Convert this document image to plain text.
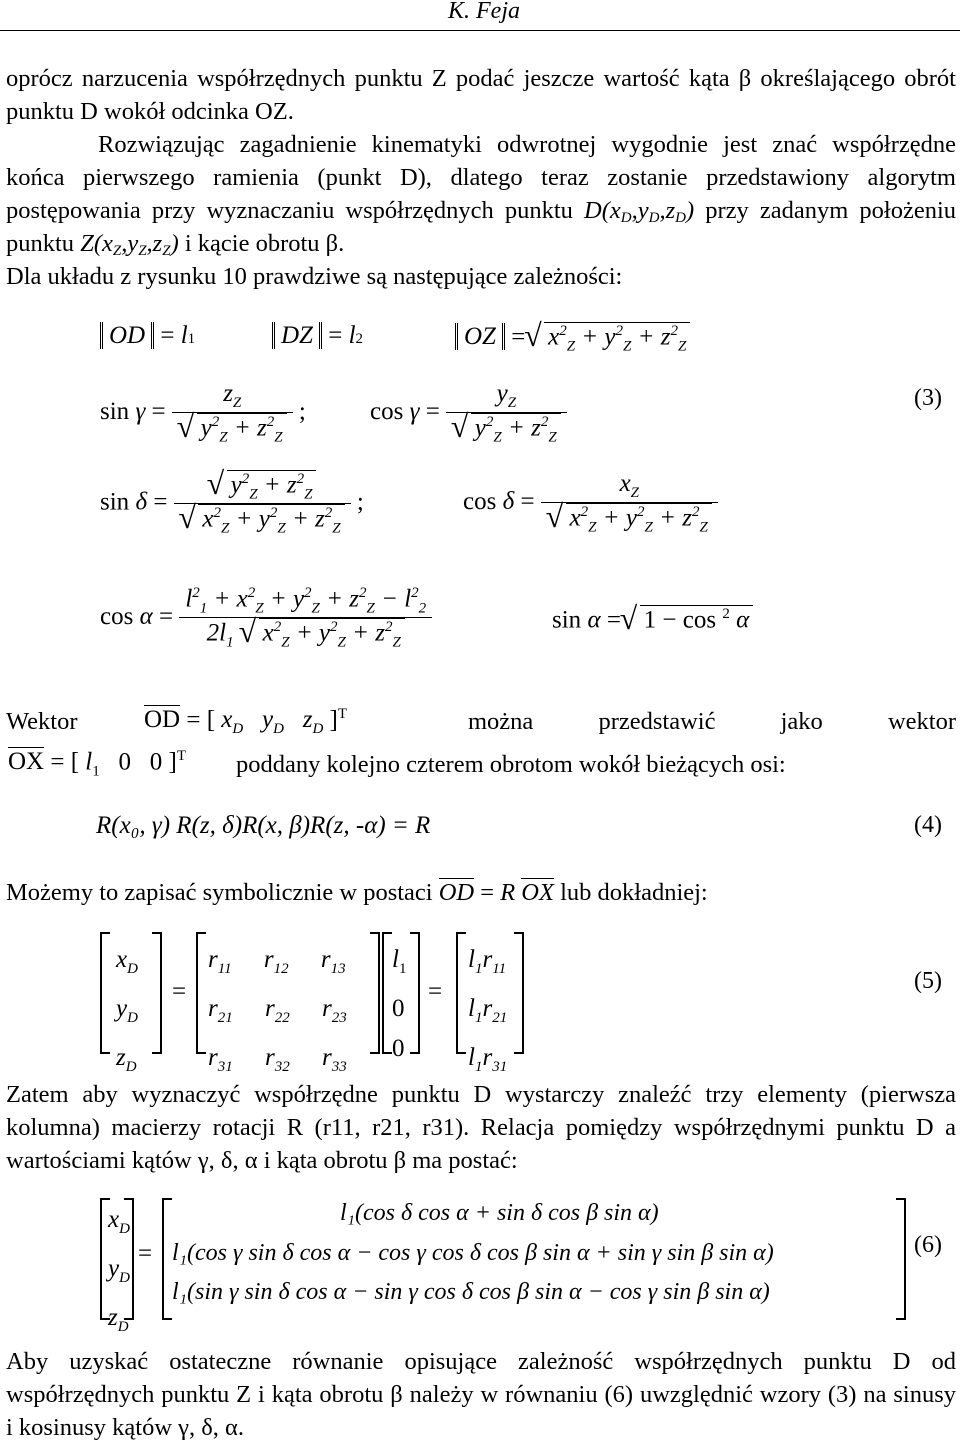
K. Feja
oprócz narzucenia współrzędnych punktu Z podać jeszcze wartość kąta β określającego obrót punktu D wokół odcinka OZ.
Rozwiązując zagadnienie kinematyki odwrotnej wygodnie jest znać współrzędne końca pierwszego ramienia (punkt D), dlatego teraz zostanie przedstawiony algorytm postępowania przy wyznaczaniu współrzędnych punktu $D(x_D,y_D,z_D)$ przy zadanym położeniu punktu $Z(x_Z,y_Z,z_Z)$ i kącie obrotu β.
Dla układu z rysunku 10 prawdziwe są następujące zależności:
OD = l1	DZ = l2	OZ =   √ $x^2_Z + y^2_Z + z^2_Z$
$\sin \gamma = z_Z$
√ $y^2_Z + z^2_Z$ ;	$\cos \gamma = y_Z$
√ $y^2_Z + z^2_Z$	(3)
sin δ = √ $y^2_Z + z^2_Z$
√ $x^2_Z + y^2_Z + z^2_Z$ ;	$\cos \delta = x_Z$
√ $x^2_Z + y^2_Z + z^2_Z$
$\cos \alpha = \frac{l^2_1 + x^2_Z + y^2_Z + z^2_Z - l^2_2}{2l_1 √ x^2_Z + y^2_Z + z^2_Z}$	sin α =   √ 1 − cos $^2$ α
Wektor	OD = [ $x_D$ $y_D$ $z_D$ ]$^T$	można przedstawić jako wektor
OX = [ $l_1$   0   0 ]$^T$ poddany kolejno czterem obrotom wokół bieżących osi:
R(x₀, γ) R(z, δ)R(x, β)R(z, -α) = R	(4)
Możemy to zapisać symbolicznie w postaci OD = R OX lub dokładniej:
$x_D$
$y_D$
$z_D$
=
$r_{11}$ $r_{12}$ $r_{13}$
$r_{21}$ $r_{22}$ $r_{23}$
$r_{31}$ $r_{32}$ $r_{33}$
$l_1$
0
0
=
$l_1r_{11}$
$l_1r_{21}$
$l_1r_{31}$
(5)
Zatem aby wyznaczyć współrzędne punktu D wystarczy znaleźć trzy elementy (pierwsza kolumna) macierzy rotacji R (r11, r21, r31). Relacja pomiędzy współrzędnymi punktu D a wartościami kątów γ, δ, α i kąta obrotu β ma postać:
$x_D$
$y_D$
$z_D$
=
l₁(cos δ cos α + sin δ cos β sin α)
l₁(cos γ sin δ cos α − cos γ cos δ cos β sin α + sin γ sin β sin α)
l₁(sin γ sin δ cos α − sin γ cos δ cos β sin α − cos γ sin β sin α)
(6)
Aby uzyskać ostateczne równanie opisujące zależność współrzędnych punktu D od współrzędnych punktu Z i kąta obrotu β należy w równaniu (6) uwzględnić wzory (3) na sinusy i kosinusy kątów γ, δ, α.
